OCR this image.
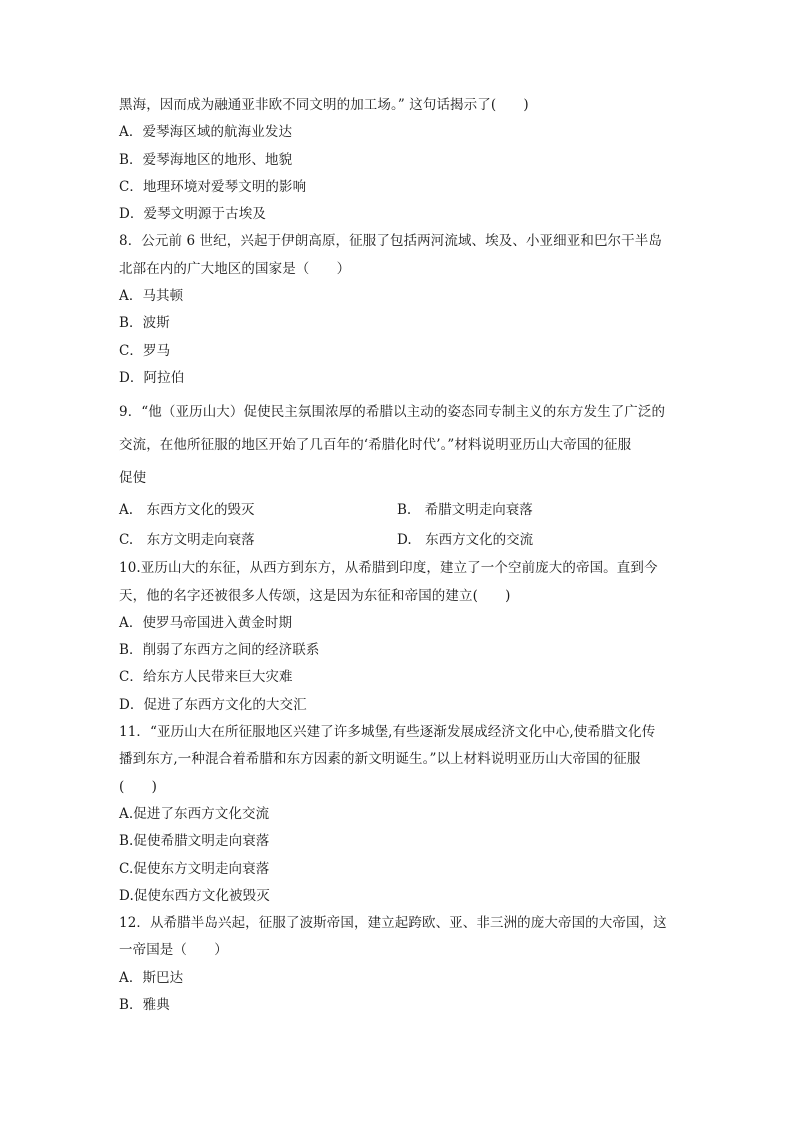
黑海，因而成为融通亚非欧不同文明的加工场。” 这句话揭示了(　　)
A．爱琴海区域的航海业发达
B．爱琴海地区的地形、地貌
C．地理环境对爱琴文明的影响
D．爱琴文明源于古埃及
8．公元前 6 世纪，兴起于伊朗高原，征服了包括两河流域、埃及、小亚细亚和巴尔干半岛
北部在内的广大地区的国家是（　　）
A．马其顿
B．波斯
C．罗马
D．阿拉伯
9．“他（亚历山大）促使民主氛围浓厚的希腊以主动的姿态同专制主义的东方发生了广泛的
交流，在他所征服的地区开始了几百年的‘希腊化时代’。”材料说明亚历山大帝国的征服
促使
A.　东西方文化的毁灭	B.　希腊文明走向衰落
C.　东方文明走向衰落	D.　东西方文化的交流
10.亚历山大的东征，从西方到东方，从希腊到印度，建立了一个空前庞大的帝国。直到今
天，他的名字还被很多人传颂，这是因为东征和帝国的建立(　　)
A．使罗马帝国进入黄金时期
B．削弱了东西方之间的经济联系
C．给东方人民带来巨大灾难
D．促进了东西方文化的大交汇
11．“亚历山大在所征服地区兴建了许多城堡,有些逐渐发展成经济文化中心,使希腊文化传
播到东方,一种混合着希腊和东方因素的新文明诞生。”以上材料说明亚历山大帝国的征服
(　　)
A.促进了东西方文化交流
B.促使希腊文明走向衰落
C.促使东方文明走向衰落
D.促使东西方文化被毁灭
12．从希腊半岛兴起，征服了波斯帝国，建立起跨欧、亚、非三洲的庞大帝国的大帝国，这
一帝国是（　　）
A．斯巴达
B．雅典
